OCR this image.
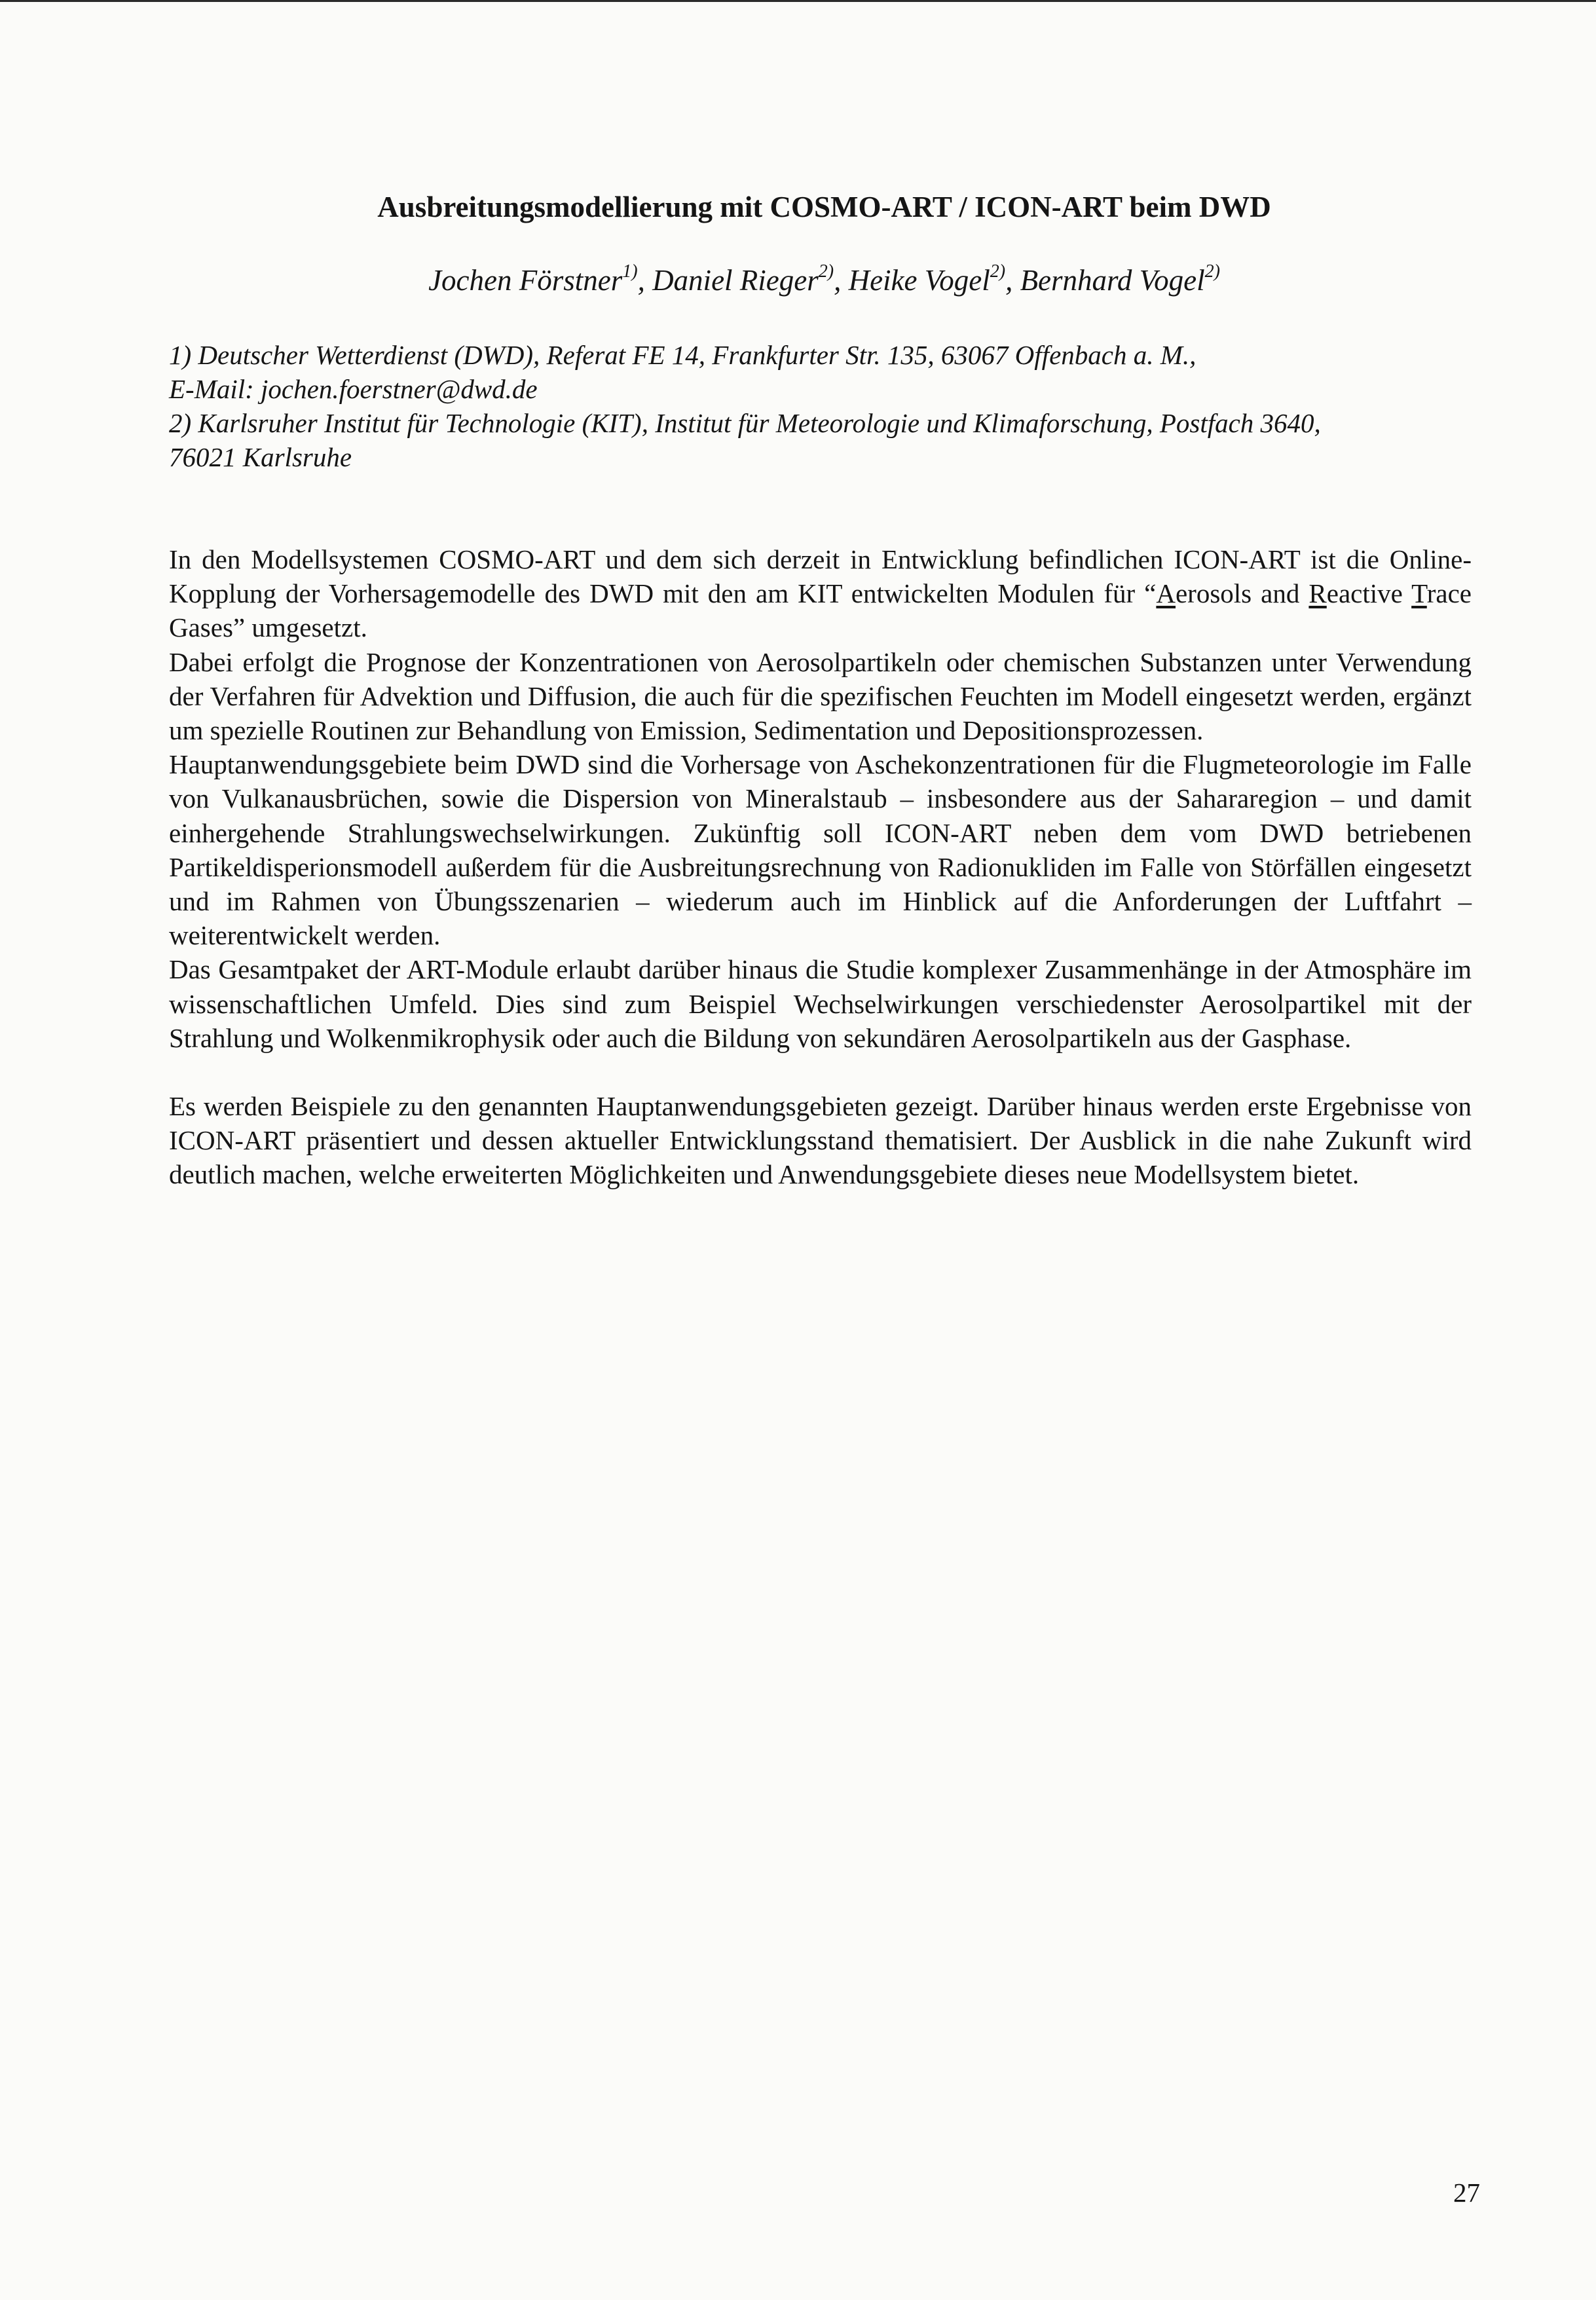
Ausbreitungsmodellierung mit COSMO-ART / ICON-ART beim DWD
Jochen Förstner$^{1)}$, Daniel Rieger$^{2)}$, Heike Vogel$^{2)}$, Bernhard Vogel$^{2)}$
1) Deutscher Wetterdienst (DWD), Referat FE 14, Frankfurter Str. 135, 63067 Offenbach a. M.,
E-Mail: jochen.foerstner@dwd.de
2) Karlsruher Institut für Technologie (KIT), Institut für Meteorologie und Klimaforschung, Postfach 3640,
76021 Karlsruhe

In den Modellsystemen COSMO-ART und dem sich derzeit in Entwicklung befindlichen ICON-ART ist die Online-Kopplung der Vorhersagemodelle des DWD mit den am KIT entwickelten Modulen für “Aerosols and Reactive Trace Gases” umgesetzt.

Dabei erfolgt die Prognose der Konzentrationen von Aerosolpartikeln oder chemischen Substanzen unter Verwendung der Verfahren für Advektion und Diffusion, die auch für die spezifischen Feuchten im Modell eingesetzt werden, ergänzt um spezielle Routinen zur Behandlung von Emission, Sedimentation und Depositionsprozessen.

Hauptanwendungsgebiete beim DWD sind die Vorhersage von Aschekonzentrationen für die Flugmeteorologie im Falle von Vulkanausbrüchen, sowie die Dispersion von Mineralstaub – insbesondere aus der Sahararegion – und damit einhergehende Strahlungswechselwirkungen. Zukünftig soll ICON-ART neben dem vom DWD betriebenen Partikeldisperionsmodell außerdem für die Ausbreitungsrechnung von Radionukliden im Falle von Störfällen eingesetzt und im Rahmen von Übungsszenarien – wiederum auch im Hinblick auf die Anforderungen der Luftfahrt – weiterentwickelt werden.

Das Gesamtpaket der ART-Module erlaubt darüber hinaus die Studie komplexer Zusammenhänge in der Atmosphäre im wissenschaftlichen Umfeld. Dies sind zum Beispiel Wechselwirkungen verschiedenster Aerosolpartikel mit der Strahlung und Wolkenmikrophysik oder auch die Bildung von sekundären Aerosolpartikeln aus der Gasphase.

Es werden Beispiele zu den genannten Hauptanwendungsgebieten gezeigt. Darüber hinaus werden erste Ergebnisse von ICON-ART präsentiert und dessen aktueller Entwicklungsstand thematisiert. Der Ausblick in die nahe Zukunft wird deutlich machen, welche erweiterten Möglichkeiten und Anwendungsgebiete dieses neue Modellsystem bietet.

27
